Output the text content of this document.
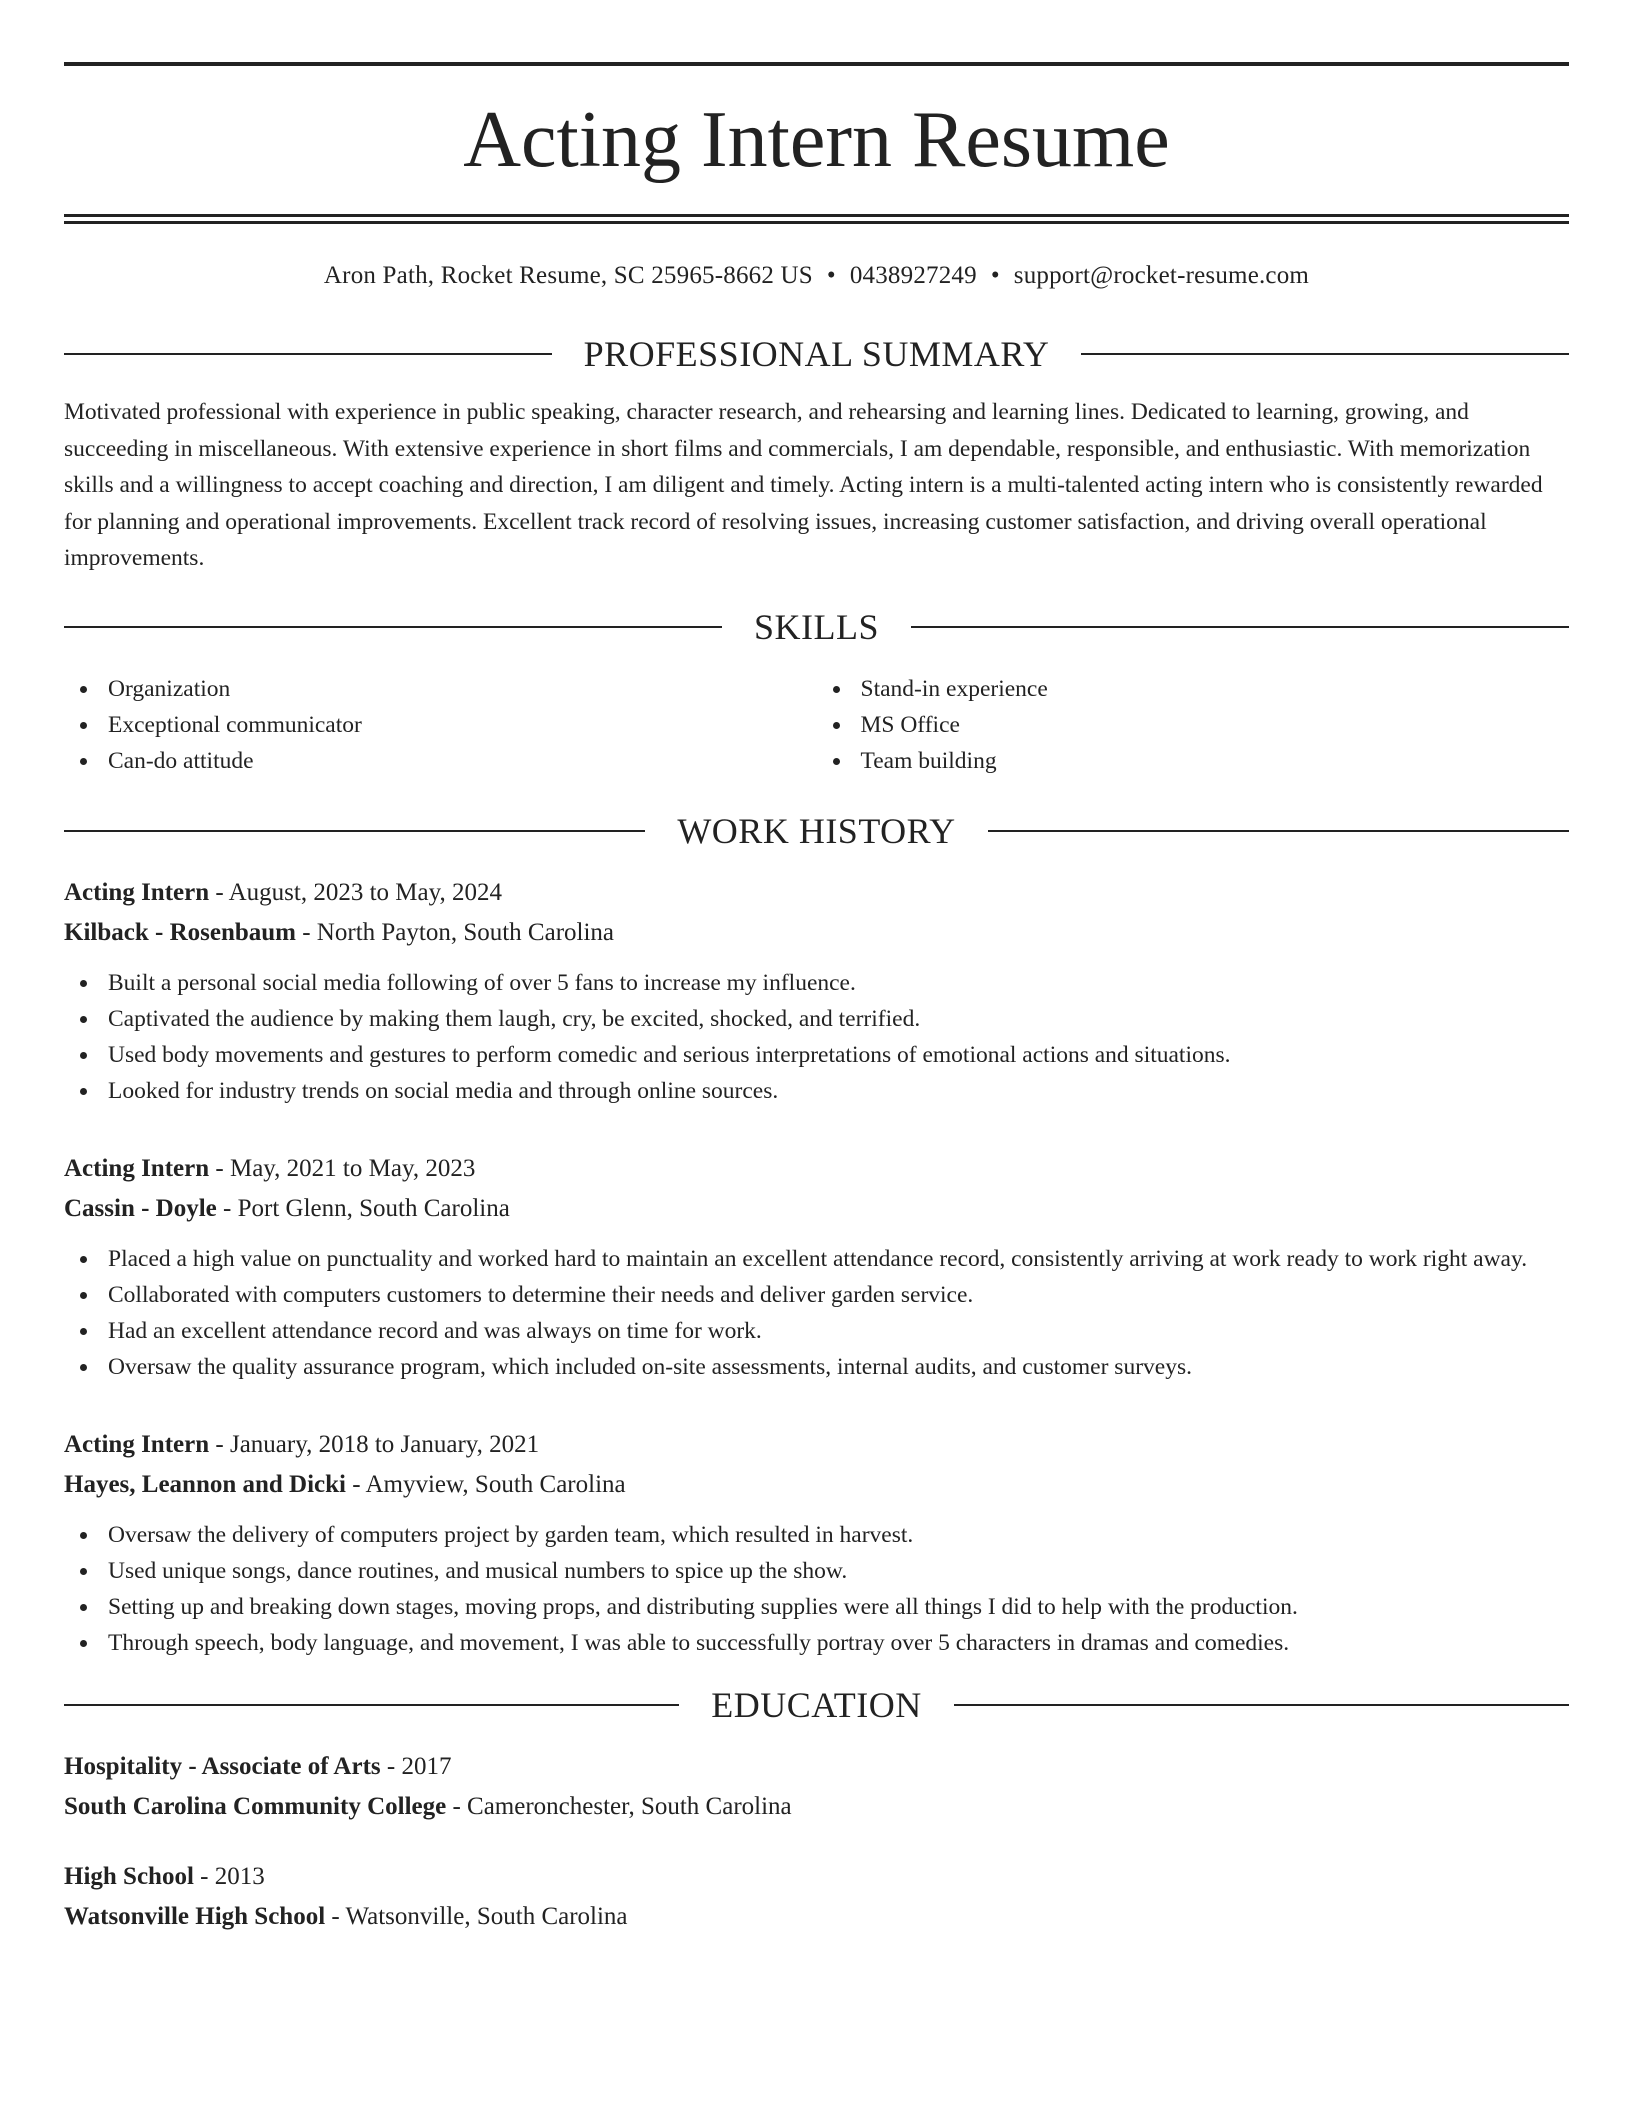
Acting Intern Resume
Aron Path, Rocket Resume, SC 25965-8662 US • 0438927249 • support@rocket-resume.com
PROFESSIONAL SUMMARY

Motivated professional with experience in public speaking, character research, and rehearsing and learning lines. Dedicated to learning, growing, and succeeding in miscellaneous. With extensive experience in short films and commercials, I am dependable, responsible, and enthusiastic. With memorization skills and a willingness to accept coaching and direction, I am diligent and timely. Acting intern is a multi-talented acting intern who is consistently rewarded for planning and operational improvements. Excellent track record of resolving issues, increasing customer satisfaction, and driving overall operational improvements.

SKILLS
Organization
Exceptional communicator
Can-do attitude
Stand-in experience
MS Office
Team building
WORK HISTORY
Acting Intern - August, 2023 to May, 2024
Kilback - Rosenbaum - North Payton, South Carolina
Built a personal social media following of over 5 fans to increase my influence.
Captivated the audience by making them laugh, cry, be excited, shocked, and terrified.
Used body movements and gestures to perform comedic and serious interpretations of emotional actions and situations.
Looked for industry trends on social media and through online sources.
Acting Intern - May, 2021 to May, 2023
Cassin - Doyle - Port Glenn, South Carolina
Placed a high value on punctuality and worked hard to maintain an excellent attendance record, consistently arriving at work ready to work right away.
Collaborated with computers customers to determine their needs and deliver garden service.
Had an excellent attendance record and was always on time for work.
Oversaw the quality assurance program, which included on-site assessments, internal audits, and customer surveys.
Acting Intern - January, 2018 to January, 2021
Hayes, Leannon and Dicki - Amyview, South Carolina
Oversaw the delivery of computers project by garden team, which resulted in harvest.
Used unique songs, dance routines, and musical numbers to spice up the show.
Setting up and breaking down stages, moving props, and distributing supplies were all things I did to help with the production.
Through speech, body language, and movement, I was able to successfully portray over 5 characters in dramas and comedies.
EDUCATION
Hospitality - Associate of Arts - 2017
South Carolina Community College - Cameronchester, South Carolina
High School - 2013
Watsonville High School - Watsonville, South Carolina
